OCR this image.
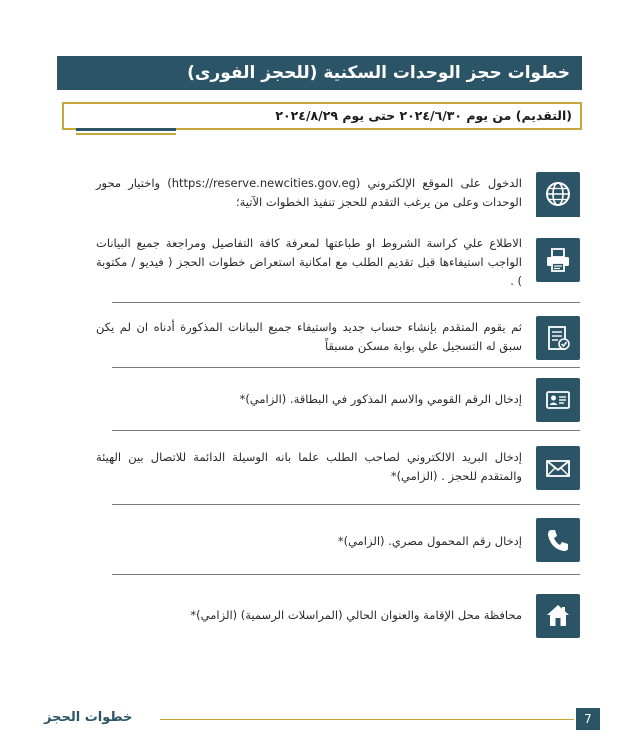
خطوات حجز الوحدات السكنية (للحجز الفورى)
(التقديم) من يوم ٢٠٢٤/٦/٣٠ حتى يوم ٢٠٢٤/٨/٢٩
الدخول على الموقع الإلكتروني (https://reserve.newcities.gov.eg) واختيار محور الوحدات وعلى من يرغب التقدم للحجز تنفيذ الخطوات الآتية؛
الاطلاع علي كراسة الشروط او طباعتها لمعرفة كافة التفاصيل ومراجعة جميع البيانات الواجب استيفاءها قبل تقديم الطلب مع امكانية استعراض خطوات الحجز ( فيديو / مكتوبة ) .
ثم يقوم المتقدم بإنشاء حساب جديد واستيفاء جميع البيانات المذكورة أدناه ان لم يكن سبق له التسجيل علي بوابة مسكن مسبقاً
إدخال الرقم القومي والاسم المذكور في البطاقة. (الزامي)*
إدخال البريد الالكتروني لصاحب الطلب علما بانه الوسيلة الدائمة للاتصال بين الهيئة والمتقدم للحجز . (الزامي)*
إدخال رقم المحمول مصري. (الزامي)*
محافظة محل الإقامة والعنوان الحالي (المراسلات الرسمية) (الزامي)*
خطوات الحجز	7
